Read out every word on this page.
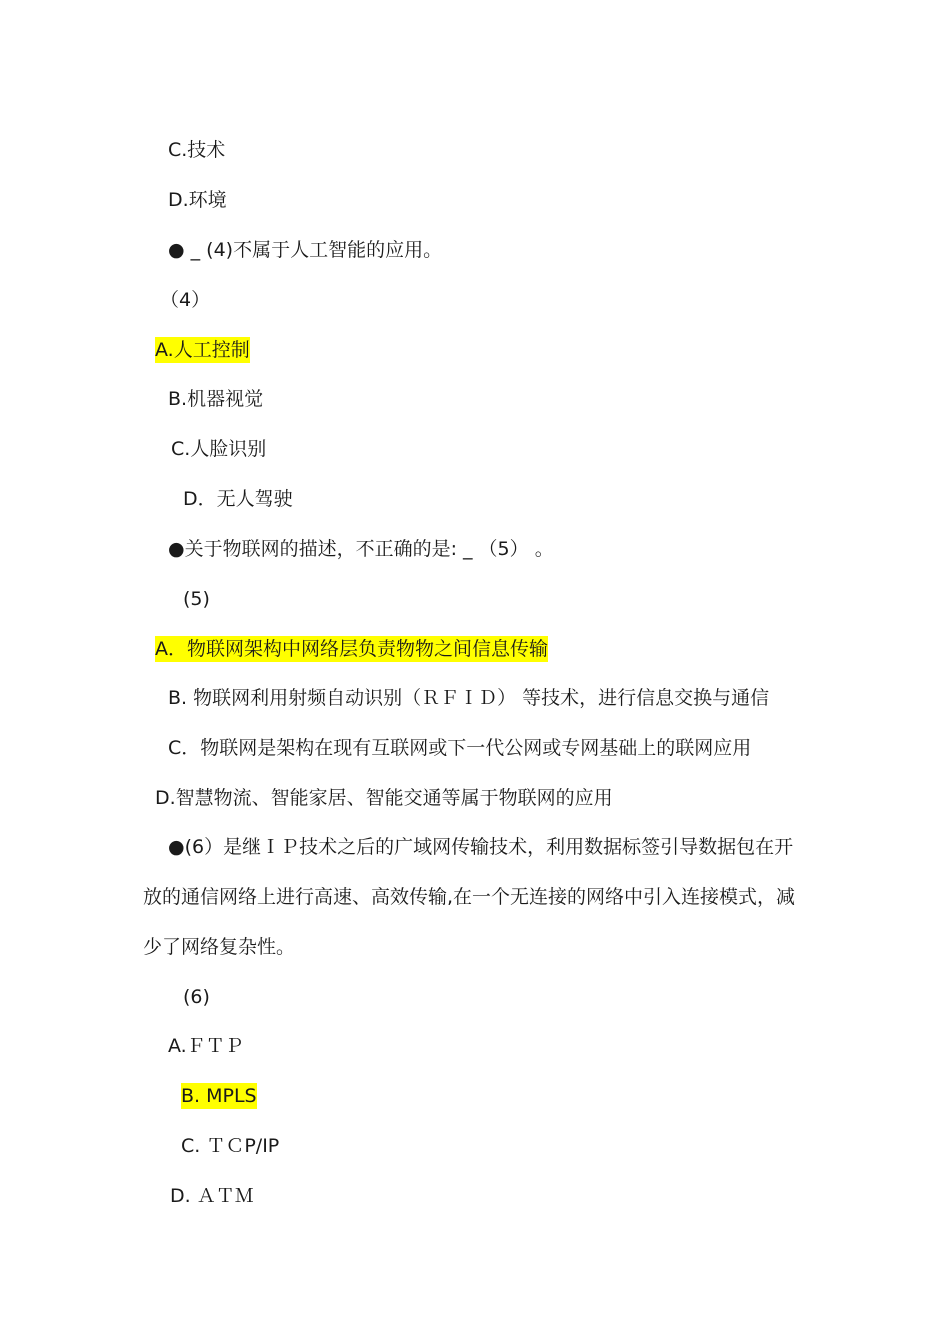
C.技术
D.环境
● _ (4)不属于人工智能的应用。
（4）
A.人工控制
B.机器视觉
C.人脸识别
D．无人驾驶
●关于物联网的描述，不正确的是: _ （5） 。
(5)
A．物联网架构中网络层负责物物之间信息传输
B. 物联网利用射频自动识别（ＲＦＩＤ） 等技术，进行信息交换与通信
C．物联网是架构在现有互联网或下一代公网或专网基础上的联网应用
D.智慧物流、智能家居、智能交通等属于物联网的应用
●(6）是继ＩＰ技术之后的广域网传输技术，利用数据标签引导数据包在开
放的通信网络上进行高速、高效传输,在一个无连接的网络中引入连接模式，减
少了网络复杂性。
(6)
A.ＦＴＰ
B. MPLS
C. ＴＣP/IP
D. ＡＴＭ
